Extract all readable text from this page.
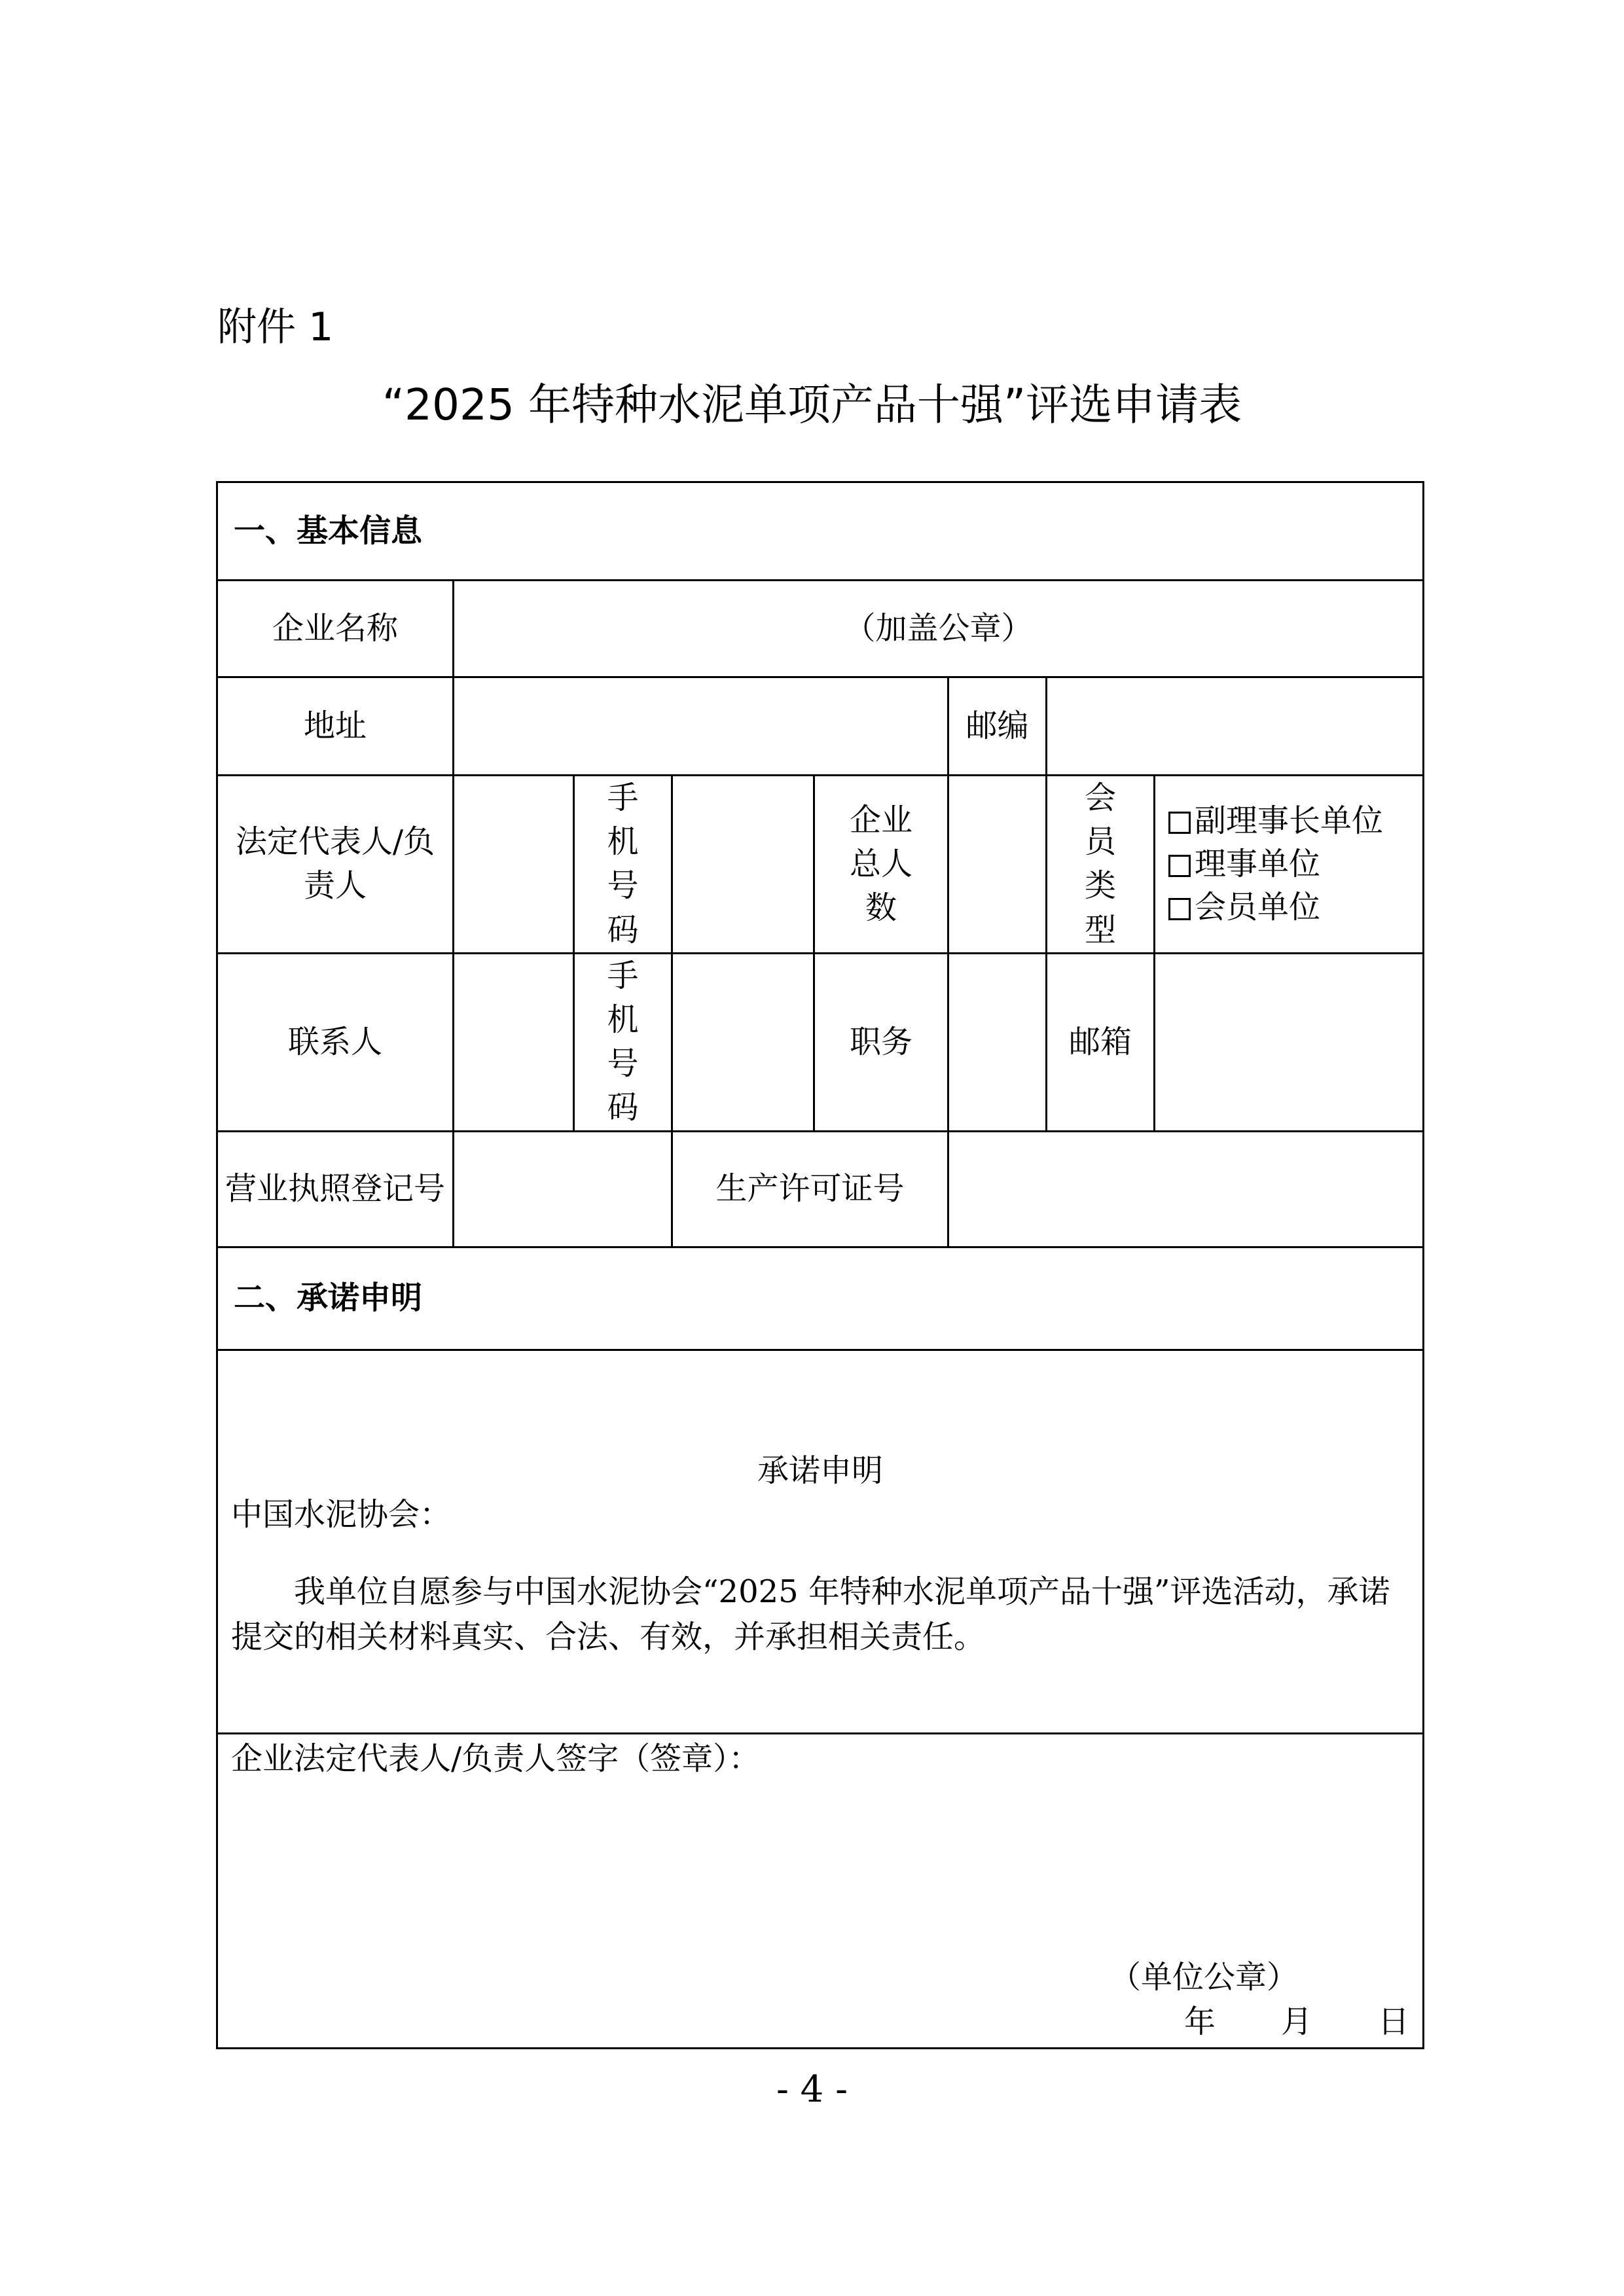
附件 1
“2025 年特种水泥单项产品十强”评选申请表
一、基本信息							
企业名称	（加盖公章）						
地址					邮编		
法定代表人/负责人		手机号码		企业总人数		会员类型	副理事长单位
理事单位
会员单位

联系人		手机号码		职务		邮箱	
营业执照登记号			生产许可证号				
二、承诺申明							

承诺申明
中国水泥协会：
我单位自愿参与中国水泥协会“2025 年特种水泥单项产品十强”评选活动，承诺提交的相关材料真实、合法、有效，并承担相关责任。							

企业法定代表人/负责人签字（签章）：
（单位公章）
年 月 日							
- 4 -
